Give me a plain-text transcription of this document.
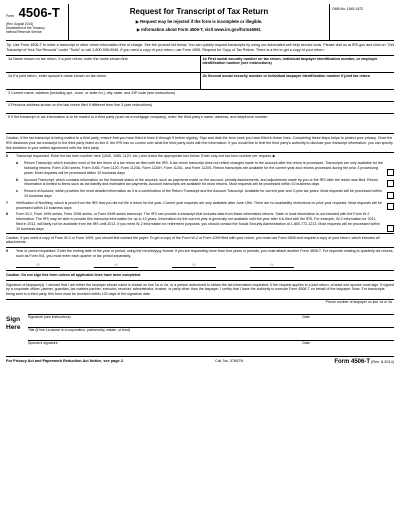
Form 4506-T
(Rev. August 2014)
Department of the Treasury
Internal Revenue Service
Request for Transcript of Tax Return
▶ Request may be rejected if the form is incomplete or illegible.
▶ Information about Form 4506-T, visit www.irs.gov/form4506t.
OMB No. 1545-1872
Tip. Use Form 4506-T to order a transcript or other return information free of charge. See the product list below. You can quickly request transcripts by using our automated self-help service tools. Please visit us at IRS.gov and click on "Get Transcript of Your Tax Records" under "Tools" or call 1-800-908-9946. If you need a copy of your return, use Form 4506, Request for Copy of Tax Return. There is a fee to get a copy of your return.
1a Name shown on tax return. If a joint return, enter the name shown first.	1b First social security number on tax return, individual taxpayer identification number, or employer identification number (see instructions)
2a If a joint return, enter spouse's name shown on tax return.	2b Second social security number or individual taxpayer identification number if joint tax return
3 Current name, address (including apt., room, or suite no.), city, state, and ZIP code (see instructions)
4 Previous address shown on the last return filed if different from line 3 (see instructions)
5 If the transcript or tax information is to be mailed to a third party (such as a mortgage company), enter the third party's name, address, and telephone number.
Caution. If the tax transcript is being mailed to a third party, ensure that you have filled in lines 6 through 9 before signing. Sign and date the form once you have filled in these lines. Completing these steps helps to protect your privacy. Once the IRS discloses your tax transcript to the third party listed on line 5, the IRS has no control over what the third party does with the information. If you would like to limit the third party's authority to disclose your transcript information, you can specify this limitation in your written agreement with the third party.
6	Transcript requested. Enter the tax form number here (1040, 1065, 1120, etc.) and check the appropriate box below. Enter only one tax form number per request. ▶
a	Return Transcript, which includes most of the line items of a tax return as filed with the IRS. A tax return transcript does not reflect changes made to the account after the return is processed. Transcripts are only available for the following returns: Form 1040 series, Form 1065, Form 1120, Form 1120A, Form 1120H, Form 1120L, and Form 1120S. Return transcripts are available for the current year and returns processed during the prior 3 processing years. Most requests will be processed within 10 business days
b	Account Transcript, which contains information on the financial status of the account, such as payments made on the account, penalty assessments, and adjustments made by you or the IRS after the return was filed. Return information is limited to items such as tax liability and estimated tax payments. Account transcripts are available for most returns. Most requests will be processed within 10 business days
c	Record of Account, which provides the most detailed information as it is a combination of the Return Transcript and the Account Transcript. Available for current year and 3 prior tax years. Most requests will be processed within 10 business days
7	Verification of Nonfiling, which is proof from the IRS that you did not file a return for the year. Current year requests are only available after June 15th. There are no availability restrictions on prior year requests. Most requests will be processed within 10 business days
8	Form W-2, Form 1099 series, Form 1098 series, or Form 5498 series transcript. The IRS can provide a transcript that includes data from these information returns. State or local information is not included with the Form W-2 information. The IRS may be able to provide this transcript information for up to 10 years. Information for the current year is generally not available until the year after it is filed with the IRS. For example, W-2 information for 2011, filed in 2012, will likely not be available from the IRS until 2013. If you need W-2 information for retirement purposes, you should contact the Social Security Administration at 1-800-772-1213. Most requests will be processed within 10 business days
Caution. If you need a copy of Form W-2 or Form 1099, you should first contact the payer. To get a copy of the Form W-2 or Form 1099 filed with your return, you must use Form 4506 and request a copy of your return, which includes all attachments.
9	Year or period requested. Enter the ending date of the year or period, using the mm/dd/yyyy format. If you are requesting more than four years or periods, you must attach another Form 4506-T. For requests relating to quarterly tax returns, such as Form 941, you must enter each quarter or tax period separately.
/ /	/ /	/ /	/ /
Caution. Do not sign this form unless all applicable lines have been completed.
Signature of taxpayer(s). I declare that I am either the taxpayer whose name is shown on line 1a or 2a, or a person authorized to obtain the tax information requested. If the request applies to a joint return, at least one spouse must sign. If signed by a corporate officer, partner, guardian, tax matters partner, executor, receiver, administrator, trustee, or party other than the taxpayer, I certify that I have the authority to execute Form 4506-T on behalf of the taxpayer. Note. For transcripts being sent to a third party, this form must be received within 120 days of the signature date.
Sign
Here
Phone number of taxpayer on line 1a or 2a
Signature (see instructions)	Date
Title (if line 1a above is a corporation, partnership, estate, or trust)
Spouse's signature	Date
For Privacy Act and Paperwork Reduction Act Notice, see page 2.	Cat. No. 37667N	Form 4506-T (Rev. 8-2014)
